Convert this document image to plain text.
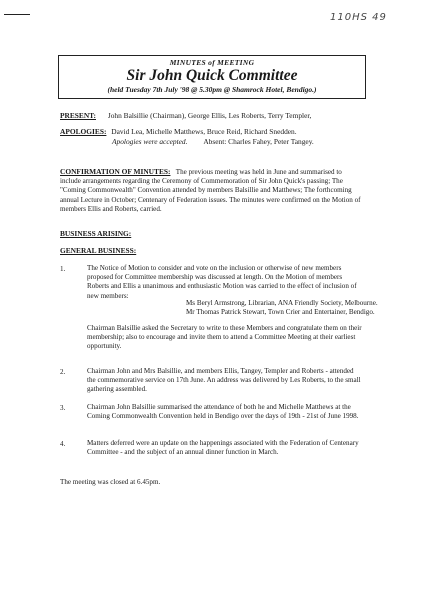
110HS 49
MINUTES of MEETING
Sir John Quick Committee
(held Tuesday 7th July '98 @ 5.30pm @ Shamrock Hotel, Bendigo.)
PRESENT: John Balsillie (Chairman), George Ellis, Les Roberts, Terry Templer,
APOLOGIES: David Lea, Michelle Matthews, Bruce Reid, Richard Snedden.
Apologies were accepted. Absent: Charles Fahey, Peter Tangey.
CONFIRMATION OF MINUTES: The previous meeting was held in June and summarised to include arrangements regarding the Ceremony of Commemoration of Sir John Quick's passing; The "Coming Commonwealth" Convention attended by members Balsillie and Matthews; The forthcoming annual Lecture in October; Centenary of Federation issues. The minutes were confirmed on the Motion of members Ellis and Roberts, carried.
BUSINESS ARISING:
GENERAL BUSINESS:
1.	The Notice of Motion to consider and vote on the inclusion or otherwise of new members proposed for Committee membership was discussed at length. On the Motion of members Roberts and Ellis a unanimous and enthusiastic Motion was carried to the effect of inclusion of new members:
Ms Beryl Armstrong, Librarian, ANA Friendly Society, Melbourne.
Mr Thomas Patrick Stewart, Town Crier and Entertainer, Bendigo.
Chairman Balsillie asked the Secretary to write to these Members and congratulate them on their membership; also to encourage and invite them to attend a Committee Meeting at their earliest opportunity.
2.	Chairman John and Mrs Balsillie, and members Ellis, Tangey, Templer and Roberts - attended the commemorative service on 17th June. An address was delivered by Les Roberts, to the small gathering assembled.
3.	Chairman John Balsillie summarised the attendance of both he and Michelle Matthews at the Coming Commonwealth Convention held in Bendigo over the days of 19th - 21st of June 1998.
4.	Matters deferred were an update on the happenings associated with the Federation of Centenary Committee - and the subject of an annual dinner function in March.
The meeting was closed at 6.45pm.
